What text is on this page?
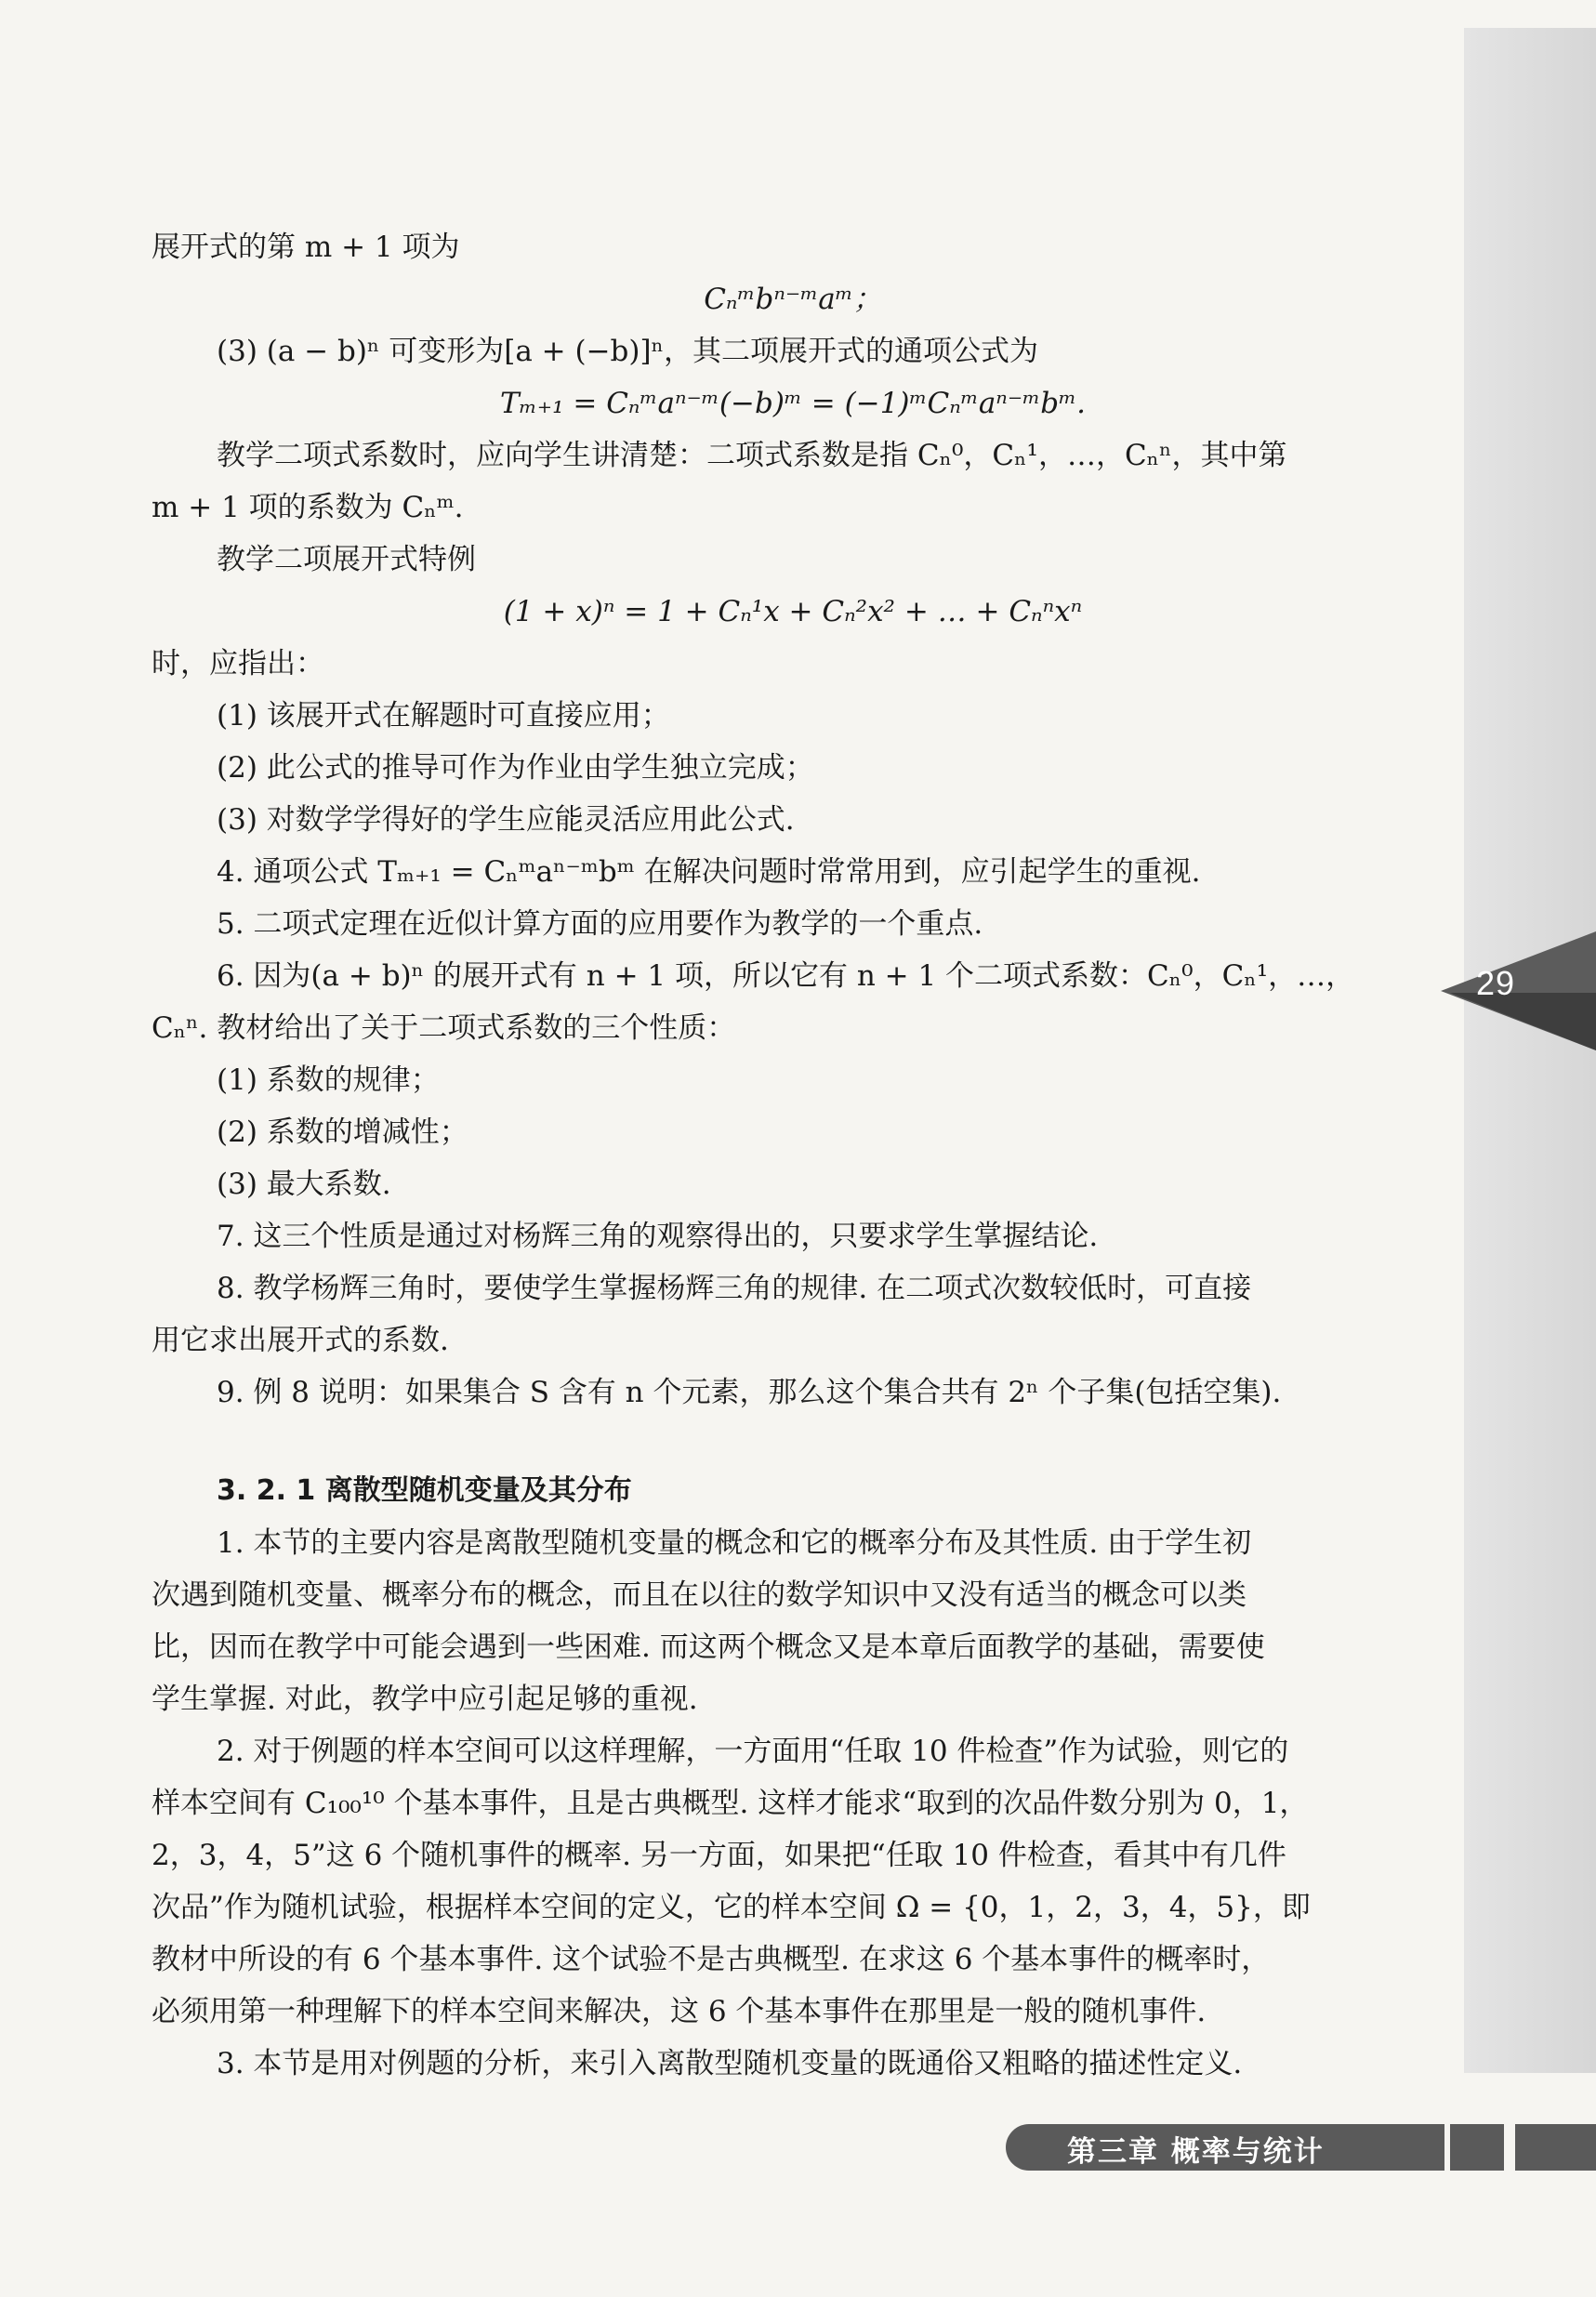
29

展开式的第 m + 1 项为

Cₙᵐbⁿ⁻ᵐaᵐ；

(3) (a − b)ⁿ 可变形为[a + (−b)]ⁿ，其二项展开式的通项公式为

Tₘ₊₁ = Cₙᵐaⁿ⁻ᵐ(−b)ᵐ = (−1)ᵐCₙᵐaⁿ⁻ᵐbᵐ.

教学二项式系数时，应向学生讲清楚：二项式系数是指 Cₙ⁰，Cₙ¹，…，Cₙⁿ，其中第

m + 1 项的系数为 Cₙᵐ.

教学二项展开式特例

(1 + x)ⁿ = 1 + Cₙ¹x + Cₙ²x² + … + Cₙⁿxⁿ

时，应指出：

(1) 该展开式在解题时可直接应用；

(2) 此公式的推导可作为作业由学生独立完成；

(3) 对数学学得好的学生应能灵活应用此公式.

4. 通项公式 Tₘ₊₁ = Cₙᵐaⁿ⁻ᵐbᵐ 在解决问题时常常用到，应引起学生的重视.

5. 二项式定理在近似计算方面的应用要作为教学的一个重点.

6. 因为(a + b)ⁿ 的展开式有 n + 1 项，所以它有 n + 1 个二项式系数：Cₙ⁰，Cₙ¹，…，

Cₙⁿ. 教材给出了关于二项式系数的三个性质：

(1) 系数的规律；

(2) 系数的增减性；

(3) 最大系数.

7. 这三个性质是通过对杨辉三角的观察得出的，只要求学生掌握结论.

8. 教学杨辉三角时，要使学生掌握杨辉三角的规律. 在二项式次数较低时，可直接

用它求出展开式的系数.

9. 例 8 说明：如果集合 S 含有 n 个元素，那么这个集合共有 2ⁿ 个子集(包括空集).

3. 2. 1 离散型随机变量及其分布

1. 本节的主要内容是离散型随机变量的概念和它的概率分布及其性质. 由于学生初

次遇到随机变量、概率分布的概念，而且在以往的数学知识中又没有适当的概念可以类

比，因而在教学中可能会遇到一些困难. 而这两个概念又是本章后面教学的基础，需要使

学生掌握. 对此，教学中应引起足够的重视.

2. 对于例题的样本空间可以这样理解，一方面用“任取 10 件检查”作为试验，则它的

样本空间有 C₁₀₀¹⁰ 个基本事件，且是古典概型. 这样才能求“取到的次品件数分别为 0，1，

2，3，4，5”这 6 个随机事件的概率. 另一方面，如果把“任取 10 件检查，看其中有几件

次品”作为随机试验，根据样本空间的定义，它的样本空间 Ω = {0，1，2，3，4，5}，即

教材中所设的有 6 个基本事件. 这个试验不是古典概型. 在求这 6 个基本事件的概率时，

必须用第一种理解下的样本空间来解决，这 6 个基本事件在那里是一般的随机事件.

3. 本节是用对例题的分析，来引入离散型随机变量的既通俗又粗略的描述性定义.

第三章 概率与统计
